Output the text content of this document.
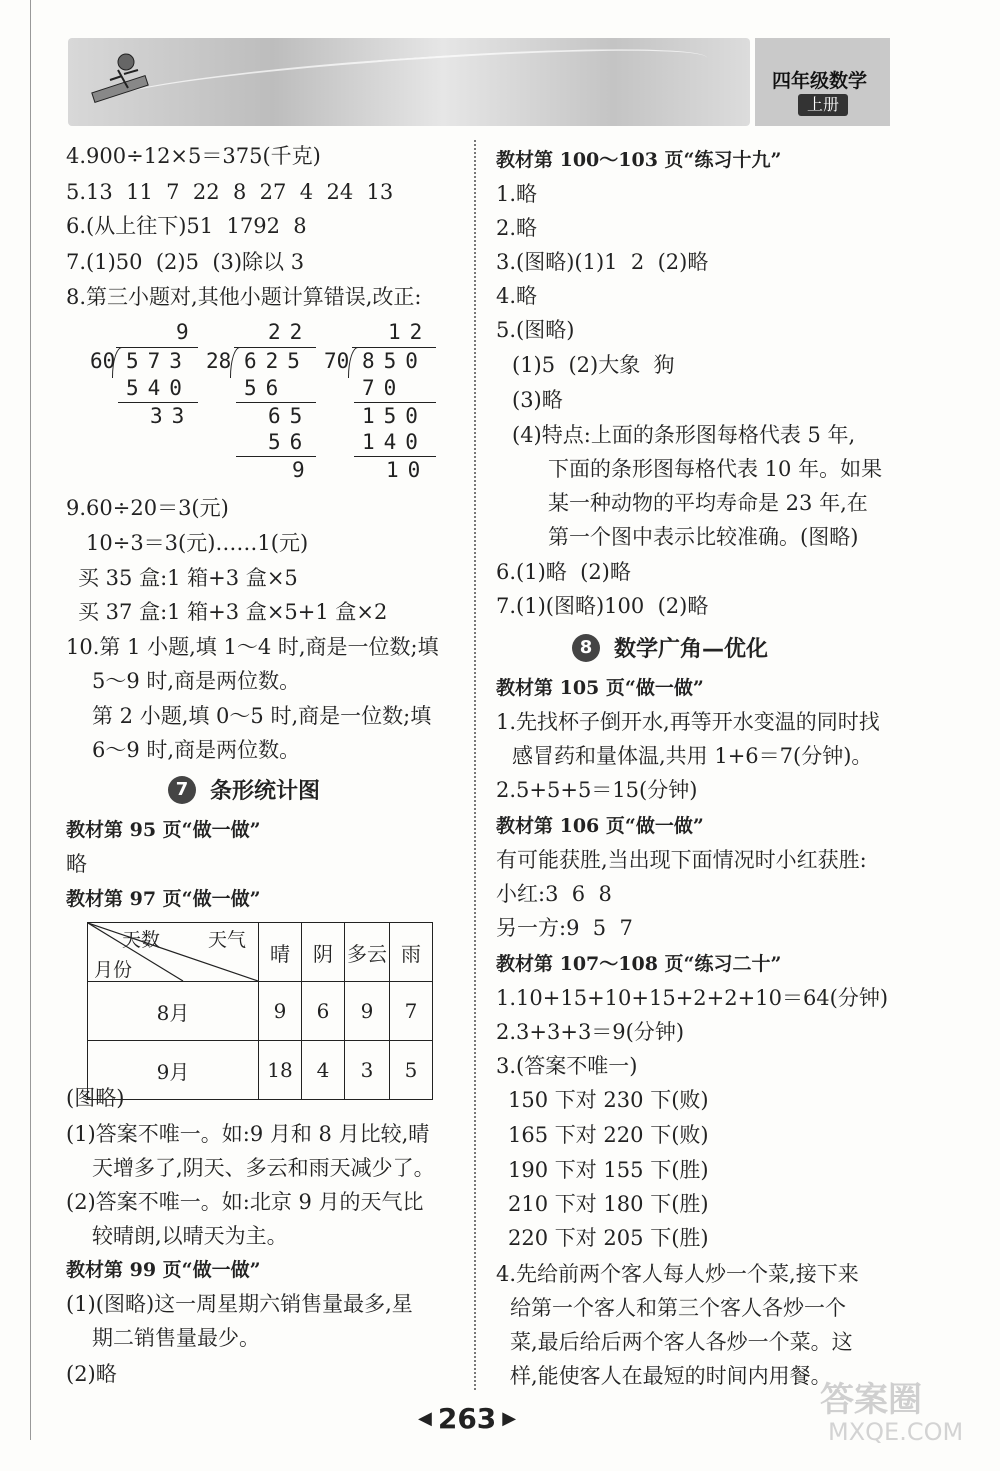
四年级数学
上册
4.900÷12×5＝375(千克)
5.13  11  7  22  8  27  4  24  13
6.(从上往下)51  1792  8
7.(1)50  (2)5  (3)除以 3
8.第三小题对,其他小题计算错误,改正:
9
60 573
540
33
22
28 625
56
65
56
9
12
70 850
70
150
140
10
9.60÷20＝3(元)
10÷3＝3(元)……1(元)
买 35 盒:1 箱+3 盒×5
买 37 盒:1 箱+3 盒×5+1 盒×2
10.第 1 小题,填 1～4 时,商是一位数;填
5～9 时,商是两位数。
第 2 小题,填 0～5 时,商是一位数;填
6～9 时,商是两位数。
7 条形统计图
教材第 95 页“做一做”
略
教材第 97 页“做一做”
天数 天气
月份	晴	阴	多云	雨
8月	9	6	9	7
9月	18	4	3	5
(图略)
(1)答案不唯一。如:9 月和 8 月比较,晴
天增多了,阴天、多云和雨天减少了。
(2)答案不唯一。如:北京 9 月的天气比
较晴朗,以晴天为主。
教材第 99 页“做一做”
(1)(图略)这一周星期六销售量最多,星
期二销售量最少。
(2)略
教材第 100～103 页“练习十九”
1.略
2.略
3.(图略)(1)1  2  (2)略
4.略
5.(图略)
(1)5  (2)大象  狗
(3)略
(4)特点:上面的条形图每格代表 5 年,
下面的条形图每格代表 10 年。如果
某一种动物的平均寿命是 23 年,在
第一个图中表示比较准确。(图略)
6.(1)略  (2)略
7.(1)(图略)100  (2)略
8 数学广角—优化
教材第 105 页“做一做”
1.先找杯子倒开水,再等开水变温的同时找
感冒药和量体温,共用 1+6＝7(分钟)。
2.5+5+5＝15(分钟)
教材第 106 页“做一做”
有可能获胜,当出现下面情况时小红获胜:
小红:3  6  8
另一方:9  5  7
教材第 107～108 页“练习二十”
1.10+15+10+15+2+2+10＝64(分钟)
2.3+3+3＝9(分钟)
3.(答案不唯一)
150 下对 230 下(败)
165 下对 220 下(败)
190 下对 155 下(胜)
210 下对 180 下(胜)
220 下对 205 下(胜)
4.先给前两个客人每人炒一个菜,接下来
给第一个客人和第三个客人各炒一个
菜,最后给后两个客人各炒一个菜。这
样,能使客人在最短的时间内用餐。
◀ 263 ▶	答案圈
MXQE.COM
